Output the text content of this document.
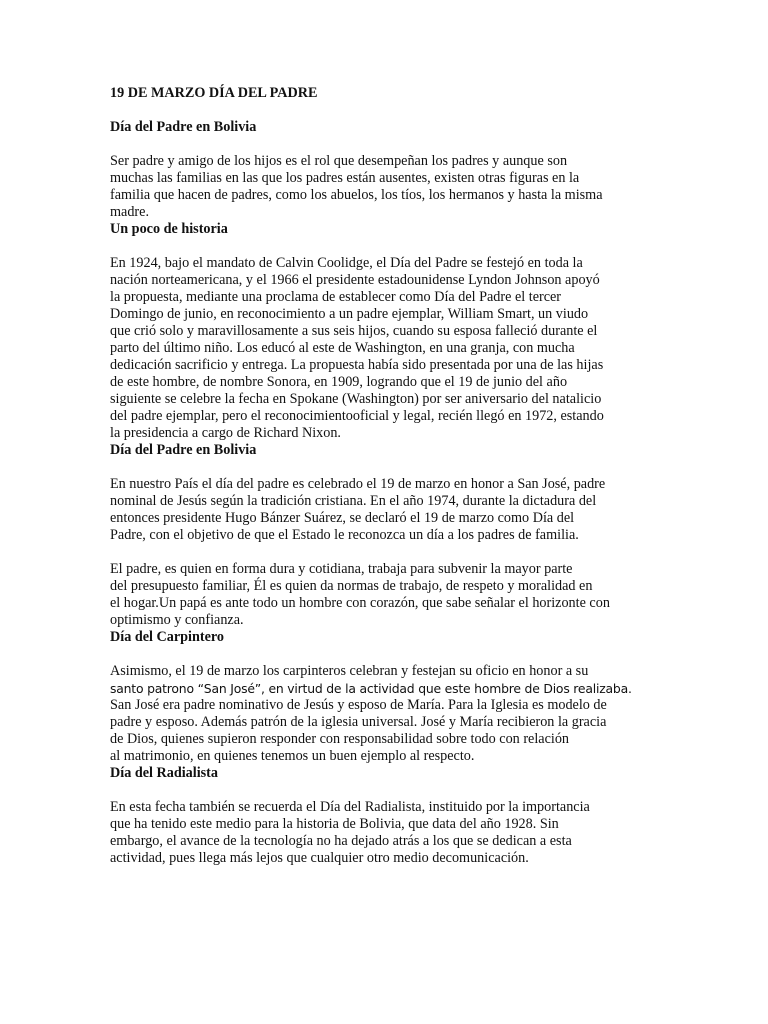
19 DE MARZO DÍA DEL PADRE
Día del Padre en Bolivia

Ser padre y amigo de los hijos es el rol que desempeñan los padres y aunque son
muchas las familias en las que los padres están ausentes, existen otras figuras en la
familia que hacen de padres, como los abuelos, los tíos, los hermanos y hasta la misma
madre.

Un poco de historia

En 1924, bajo el mandato de Calvin Coolidge, el Día del Padre se festejó en toda la
nación norteamericana, y el 1966 el presidente estadounidense Lyndon Johnson apoyó
la propuesta, mediante una proclama de establecer como Día del Padre el tercer
Domingo de junio, en reconocimiento a un padre ejemplar, William Smart, un viudo
que crió solo y maravillosamente a sus seis hijos, cuando su esposa falleció durante el
parto del último niño. Los educó al este de Washington, en una granja, con mucha
dedicación sacrificio y entrega. La propuesta había sido presentada por una de las hijas
de este hombre, de nombre Sonora, en 1909, logrando que el 19 de junio del año
siguiente se celebre la fecha en Spokane (Washington) por ser aniversario del natalicio
del padre ejemplar, pero el reconocimientooficial y legal, recién llegó en 1972, estando
la presidencia a cargo de Richard Nixon.

Día del Padre en Bolivia

En nuestro País el día del padre es celebrado el 19 de marzo en honor a San José, padre
nominal de Jesús según la tradición cristiana. En el año 1974, durante la dictadura del
entonces presidente Hugo Bánzer Suárez, se declaró el 19 de marzo como Día del
Padre, con el objetivo de que el Estado le reconozca un día a los padres de familia.

El padre, es quien en forma dura y cotidiana, trabaja para subvenir la mayor parte
del presupuesto familiar, Él es quien da normas de trabajo, de respeto y moralidad en
el hogar.Un papá es ante todo un hombre con corazón, que sabe señalar el horizonte con
optimismo y confianza.

Día del Carpintero

Asimismo, el 19 de marzo los carpinteros celebran y festejan su oficio en honor a su
santo patrono “San José”, en virtud de la actividad que este hombre de Dios realizaba.
San José era padre nominativo de Jesús y esposo de María. Para la Iglesia es modelo de
padre y esposo. Además patrón de la iglesia universal. José y María recibieron la gracia
de Dios, quienes supieron responder con responsabilidad sobre todo con relación
al matrimonio, en quienes tenemos un buen ejemplo al respecto.

Día del Radialista

En esta fecha también se recuerda el Día del Radialista, instituido por la importancia
que ha tenido este medio para la historia de Bolivia, que data del año 1928. Sin
embargo, el avance de la tecnología no ha dejado atrás a los que se dedican a esta
actividad, pues llega más lejos que cualquier otro medio decomunicación.
